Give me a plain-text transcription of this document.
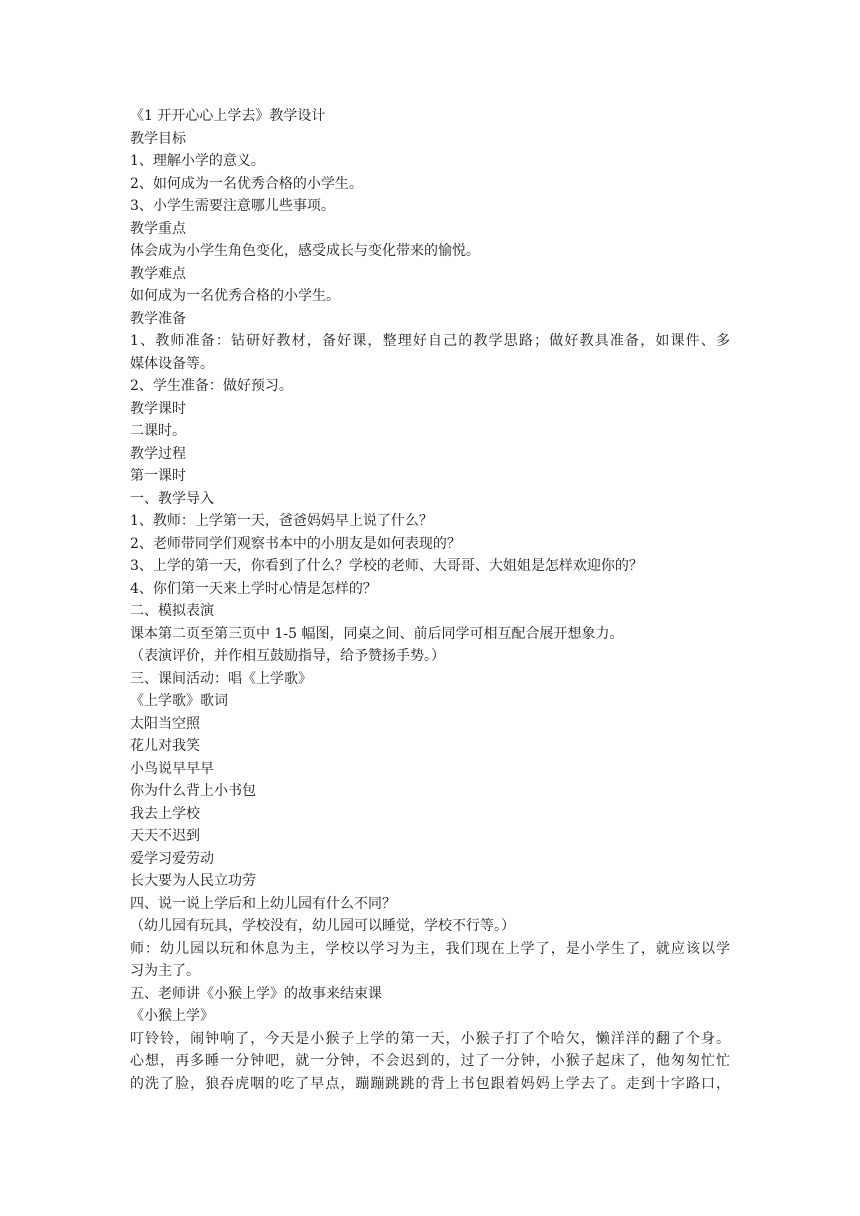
《1 开开心心上学去》教学设计
教学目标
1、理解小学的意义。
2、如何成为一名优秀合格的小学生。
3、小学生需要注意哪儿些事项。
教学重点
体会成为小学生角色变化，感受成长与变化带来的愉悦。
教学难点
如何成为一名优秀合格的小学生。
教学准备
1、教师准备：钻研好教材，备好课，整理好自己的教学思路；做好教具准备，如课件、多
媒体设备等。
2、学生准备：做好预习。
教学课时
二课时。
教学过程
第一课时
一、教学导入
1、教师：上学第一天，爸爸妈妈早上说了什么？
2、老师带同学们观察书本中的小朋友是如何表现的？
3、上学的第一天，你看到了什么？学校的老师、大哥哥、大姐姐是怎样欢迎你的？
4、你们第一天来上学时心情是怎样的？
二、模拟表演
课本第二页至第三页中 1-5 幅图，同桌之间、前后同学可相互配合展开想象力。
（表演评价，并作相互鼓励指导，给予赞扬手势。）
三、课间活动：唱《上学歌》
《上学歌》歌词
太阳当空照
花儿对我笑
小鸟说早早早
你为什么背上小书包
我去上学校
天天不迟到
爱学习爱劳动
长大要为人民立功劳
四、说一说上学后和上幼儿园有什么不同？
（幼儿园有玩具，学校没有，幼儿园可以睡觉，学校不行等。）
师：幼儿园以玩和休息为主，学校以学习为主，我们现在上学了，是小学生了，就应该以学
习为主了。
五、老师讲《小猴上学》的故事来结束课
《小猴上学》
叮铃铃，闹钟响了，今天是小猴子上学的第一天，小猴子打了个哈欠，懒洋洋的翻了个身。
心想，再多睡一分钟吧，就一分钟，不会迟到的，过了一分钟，小猴子起床了，他匆匆忙忙
的洗了脸，狼吞虎咽的吃了早点，蹦蹦跳跳的背上书包跟着妈妈上学去了。走到十字路口，
